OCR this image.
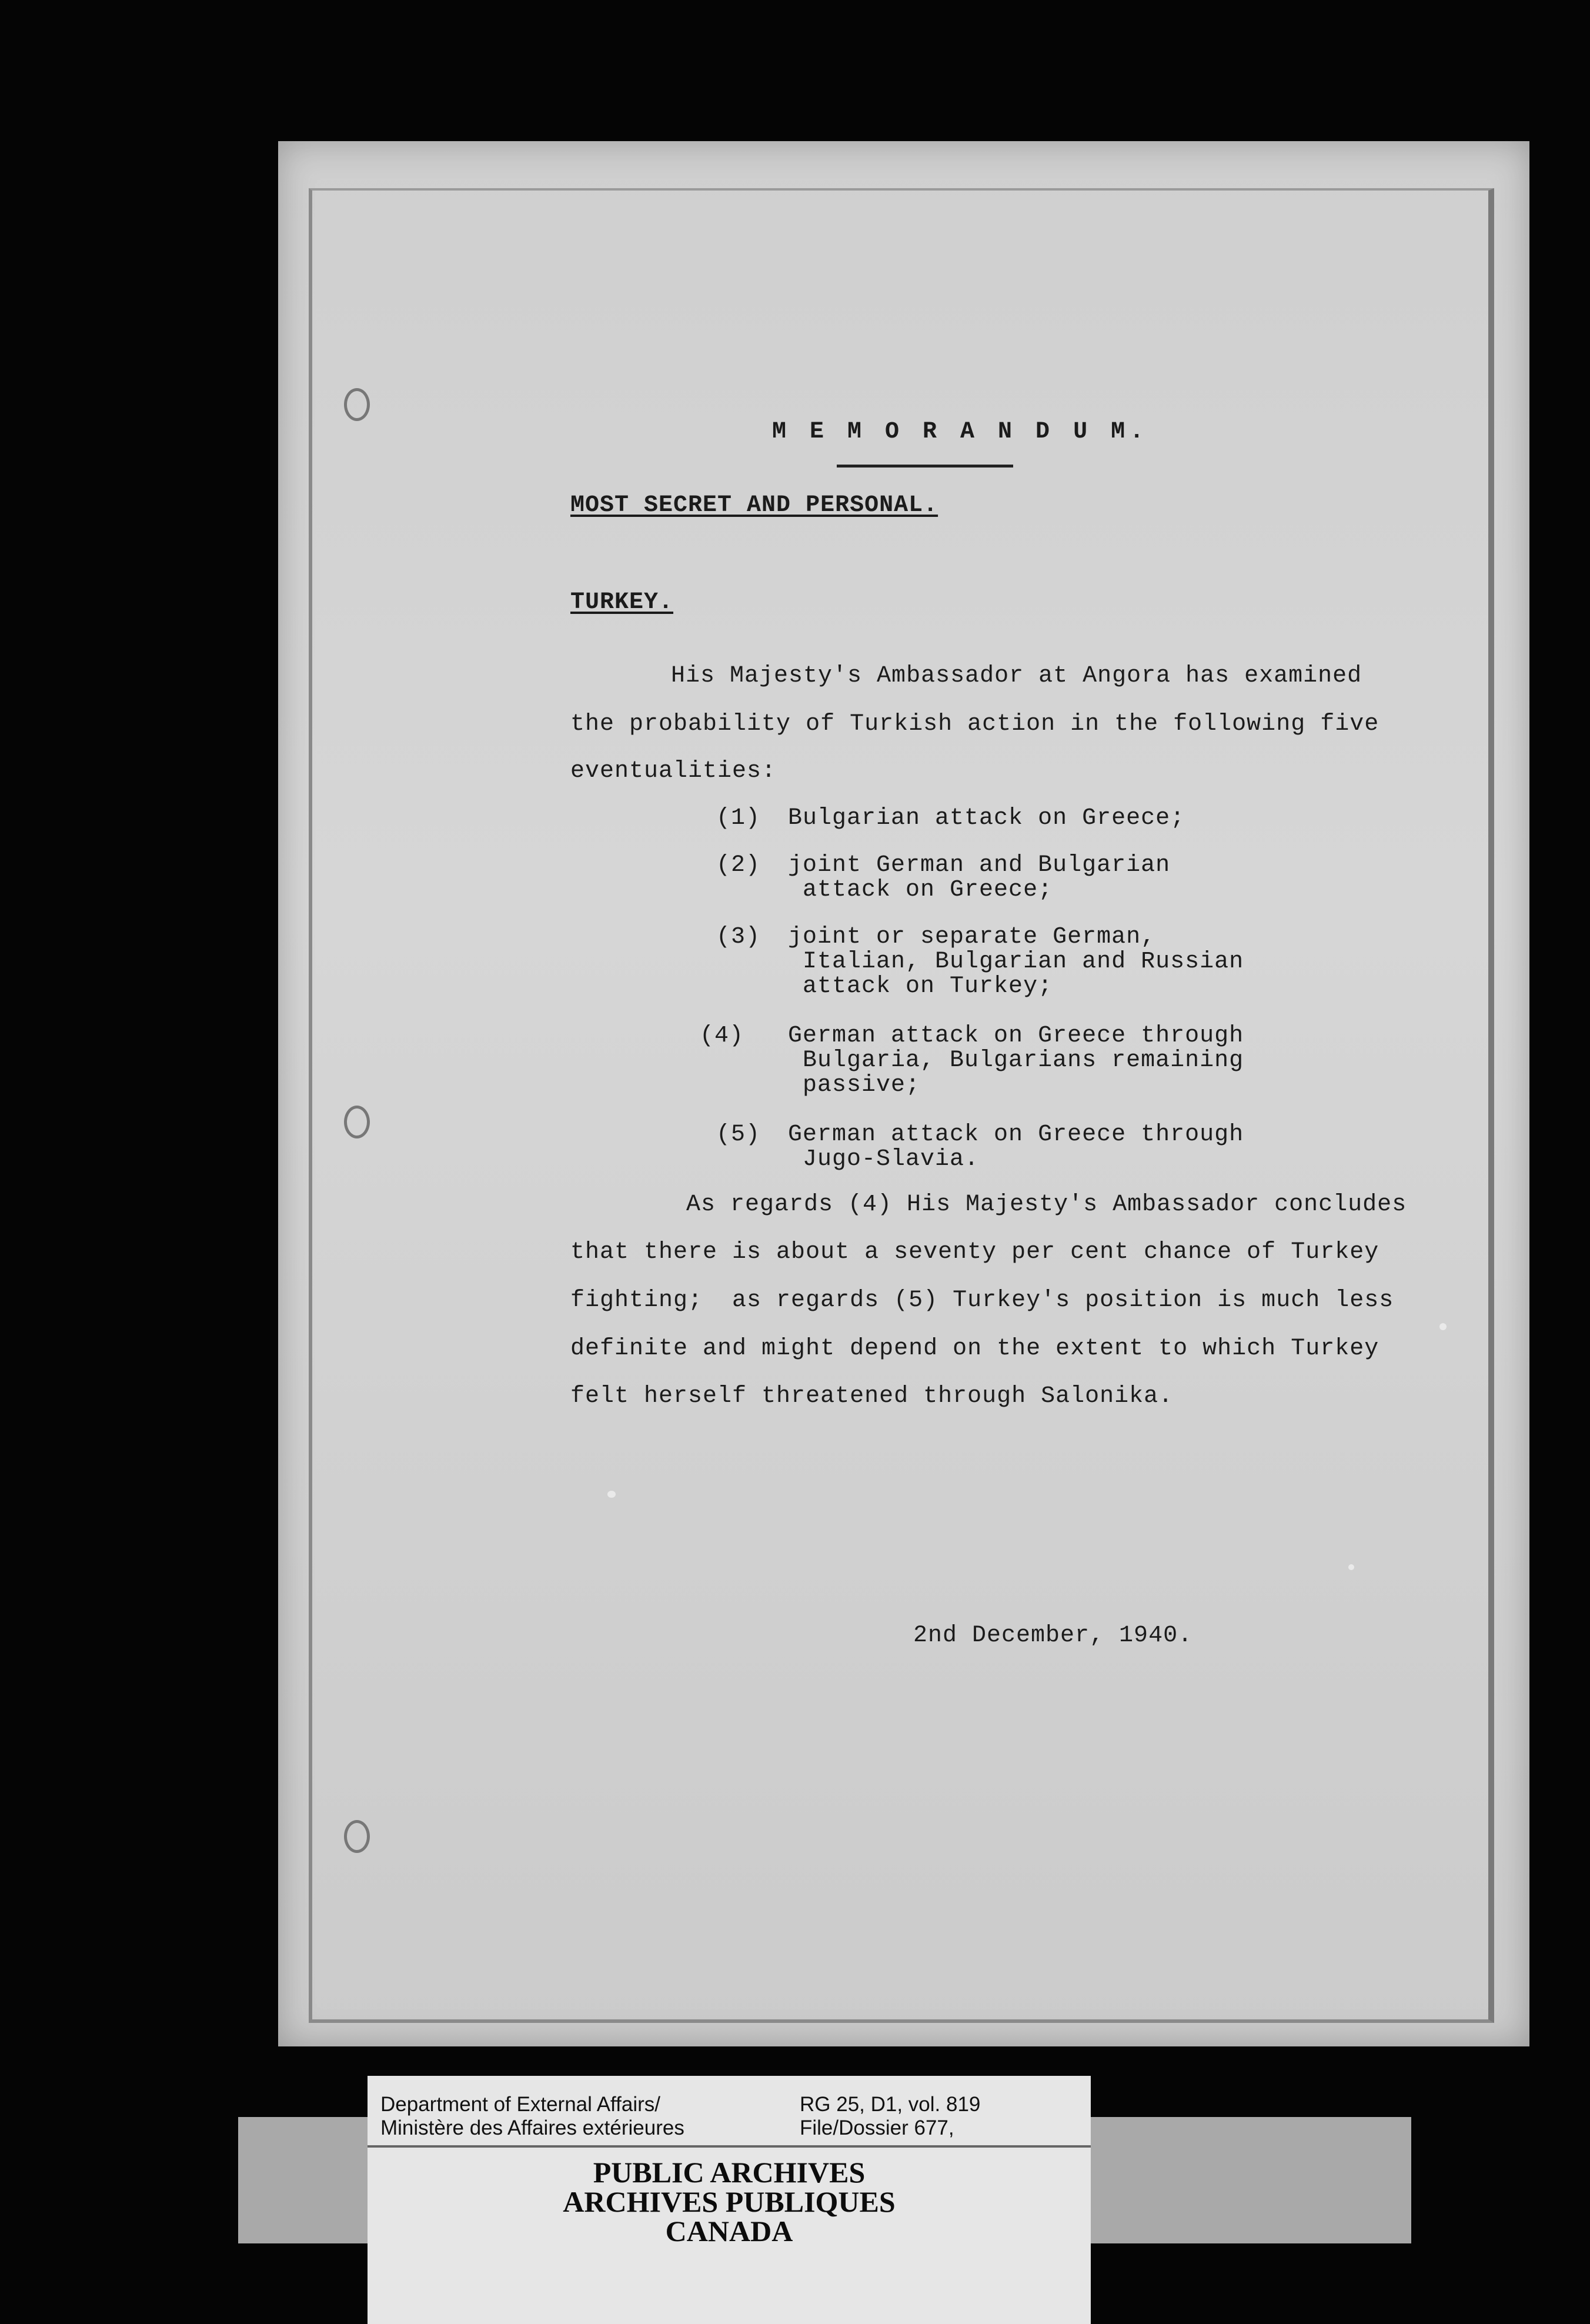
M E M O R A N D U M.
MOST SECRET AND PERSONAL.
TURKEY.
His Majesty's Ambassador at Angora has examined
the probability of Turkish action in the following five
eventualities:
(1) Bulgarian attack on Greece;
(2) joint German and Bulgarian
attack on Greece;
(3) joint or separate German,
Italian, Bulgarian and Russian
attack on Turkey;
(4) German attack on Greece through
Bulgaria, Bulgarians remaining
passive;
(5) German attack on Greece through
Jugo-Slavia.
As regards (4) His Majesty's Ambassador concludes
that there is about a seventy per cent chance of Turkey
fighting;  as regards (5) Turkey's position is much less
definite and might depend on the extent to which Turkey
felt herself threatened through Salonika.
2nd December, 1940.
Department of External Affairs/
Ministère des Affaires extérieures
RG 25, D1, vol. 819
File/Dossier 677,
PUBLIC ARCHIVES
ARCHIVES PUBLIQUES
CANADA
